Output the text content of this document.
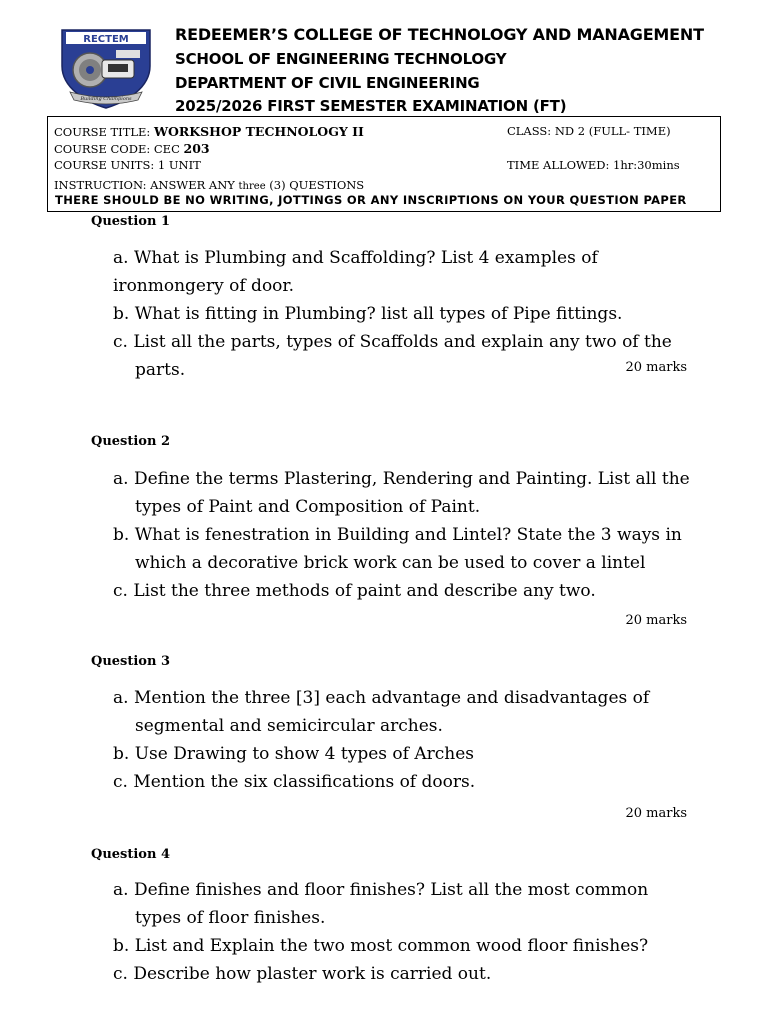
RECTEM
Building Champions
REDEEMER’S COLLEGE OF TECHNOLOGY AND MANAGEMENT
SCHOOL OF ENGINEERING TECHNOLOGY
DEPARTMENT OF CIVIL ENGINEERING
2025/2026 FIRST SEMESTER EXAMINATION (FT)
COURSE TITLE: WORKSHOP TECHNOLOGY II	CLASS: ND 2 (FULL- TIME)
COURSE CODE: CEC 203
COURSE UNITS: 1 UNIT	TIME ALLOWED: 1hr:30mins
INSTRUCTION: ANSWER ANY three (3) QUESTIONS
THERE SHOULD BE NO WRITING, JOTTINGS OR ANY INSCRIPTIONS ON YOUR QUESTION PAPER
Question 1
a. What is Plumbing and Scaffolding? List 4 examples of ironmongery of door.
b. What is fitting in Plumbing? list all types of Pipe fittings.
c. List all the parts, types of Scaffolds and explain any two of the parts.	20 marks
Question 2
a. Define the terms Plastering, Rendering and Painting. List all the types of Paint and Composition of Paint.
b. What is fenestration in Building and Lintel? State the 3 ways in which a decorative brick work can be used to cover a lintel
c. List the three methods of paint and describe any two.
20 marks
Question 3
a. Mention the three [3] each advantage and disadvantages of segmental and semicircular arches.
b. Use Drawing to show 4 types of Arches
c. Mention the six classifications of doors.
20 marks
Question 4
a. Define finishes and floor finishes? List all the most common types of floor finishes.
b. List and Explain the two most common wood floor finishes?
c. Describe how plaster work is carried out.
